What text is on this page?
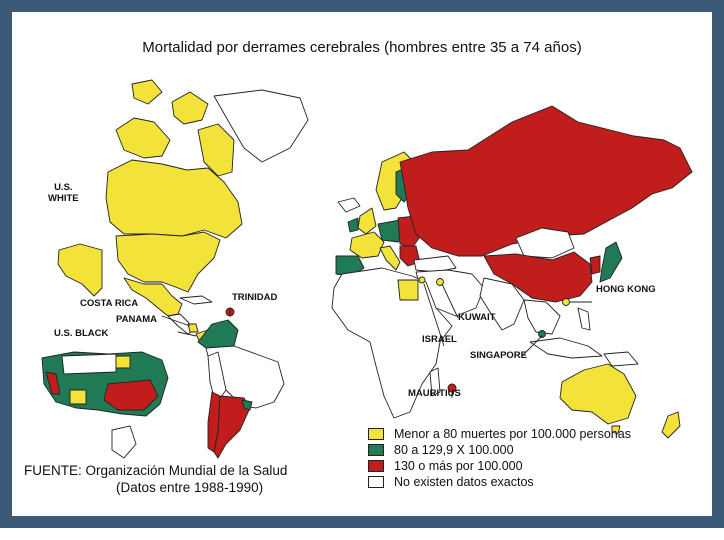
Mortalidad por derrames cerebrales (hombres entre 35 a 74 años)
U.S.
WHITE
U.S. BLACK
COSTA RICA
PANAMA
TRINIDAD
HONG KONG
KUWAIT
ISRAEL
SINGAPORE
MAURITIUS
Menor a 80 muertes por 100.000 personas
80 a 129,9 X 100.000
130 o más por 100.000
No existen datos exactos
FUENTE: Organización Mundial de la Salud
(Datos entre 1988-1990)
